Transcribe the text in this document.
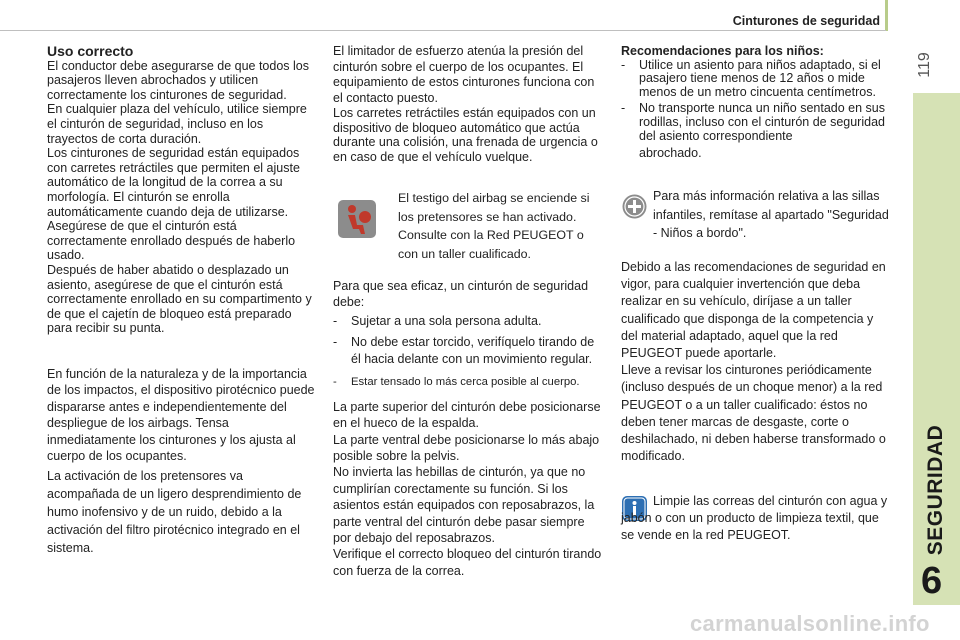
Cinturones de seguridad
119
SEGURIDAD
6

Uso correcto

El conductor debe asegurarse de que todos los pasajeros lleven abrochados y utilicen correctamente los cinturones de seguridad.

En cualquier plaza del vehículo, utilice siempre el cinturón de seguridad, incluso en los trayectos de corta duración.

Los cinturones de seguridad están equipados con carretes retráctiles que permiten el ajuste automático de la longitud de la correa a su morfología. El cinturón se enrolla automáticamente cuando deja de utilizarse.

Asegúrese de que el cinturón está correctamente enrollado después de haberlo usado.

Después de haber abatido o desplazado un asiento, asegúrese de que el cinturón está correctamente enrollado en su compartimento y de que el cajetín de bloqueo está preparado para recibir su punta.

En función de la naturaleza y de la importancia de los impactos, el dispositivo pirotécnico puede dispararse antes e independientemente del despliegue de los airbags. Tensa inmediatamente los cinturones y los ajusta al cuerpo de los ocupantes.

La activación de los pretensores va acompañada de un ligero desprendimiento de humo inofensivo y de un ruido, debido a la activación del filtro pirotécnico integrado en el sistema.

El limitador de esfuerzo atenúa la presión del cinturón sobre el cuerpo de los ocupantes. El equipamiento de estos cinturones funciona con el contacto puesto.

Los carretes retráctiles están equipados con un dispositivo de bloqueo automático que actúa durante una colisión, una frenada de urgencia o en caso de que el vehículo vuelque.

El testigo del airbag se enciende si los pretensores se han activado. Consulte con la Red PEUGEOT o con un taller cualificado.

Para que sea eficaz, un cinturón de seguridad debe:

- Sujetar a una sola persona adulta.

- No debe estar torcido, verifíquelo tirando de él hacia delante con un movimiento regular.

- Estar tensado lo más cerca posible al cuerpo.

La parte superior del cinturón debe posicionarse en el hueco de la espalda.

La parte ventral debe posicionarse lo más abajo posible sobre la pelvis.

No invierta las hebillas de cinturón, ya que no cumplirían corectamente su función. Si los asientos están equipados con reposabrazos, la parte ventral del cinturón debe pasar siempre por debajo del reposabrazos.

Verifique el correcto bloqueo del cinturón tirando con fuerza de la correa.

Recomendaciones para los niños:

- Utilice un asiento para niños adaptado, si el pasajero tiene menos de 12 años o mide menos de un metro cincuenta centímetros.

- No transporte nunca un niño sentado en sus rodillas, incluso con el cinturón de seguridad del asiento correspondiente

abrochado.

Para más información relativa a las sillas infantiles, remítase al apartado "Seguridad - Niños a bordo".

Debido a las recomendaciones de seguridad en vigor, para cualquier invertención que deba realizar en su vehículo, diríjase a un taller cualificado que disponga de la competencia y del material adaptado, aquel que la red PEUGEOT puede aportarle.

Lleve a revisar los cinturones periódicamente (incluso después de un choque menor) a la red PEUGEOT o a un taller cualificado: éstos no deben tener marcas de desgaste, corte o deshilachado, ni deben haberse transformado o modificado.

Limpie las correas del cinturón con agua y jabón o con un producto de limpieza textil, que se vende en la red PEUGEOT.

carmanualsonline.info
